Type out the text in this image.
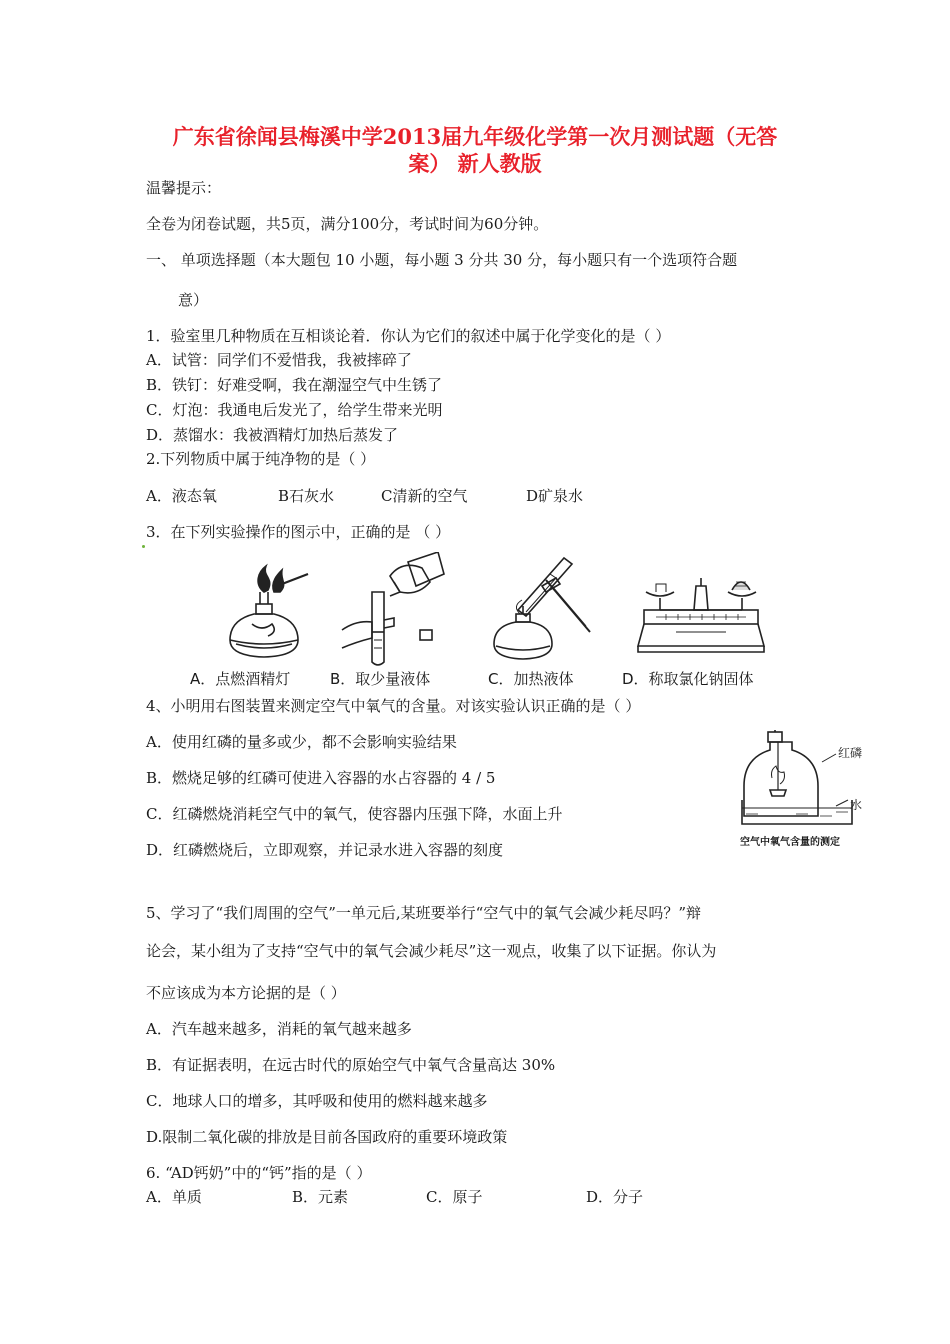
广东省徐闻县梅溪中学2013届九年级化学第一次月测试题（无答
案） 新人教版
温馨提示：
全卷为闭卷试题，共5页，满分100分，考试时间为60分钟。
一、 单项选择题（本大题包 10 小题，每小题 3 分共 30 分，每小题只有一个选项符合题
意）
1．验室里几种物质在互相谈论着．你认为它们的叙述中属于化学变化的是（ ）
A．试管：同学们不爱惜我，我被摔碎了
B．铁钉：好难受啊，我在潮湿空气中生锈了
C．灯泡：我通电后发光了，给学生带来光明
D．蒸馏水：我被酒精灯加热后蒸发了
2.下列物质中属于纯净物的是（ ）
A．液态氧	B石灰水	C清新的空气	D矿泉水
3．在下列实验操作的图示中，正确的是 （ ）
A．点燃酒精灯	B．取少量液体	C．加热液体	D．称取氯化钠固体
4、小明用右图装置来测定空气中氧气的含量。对该实验认识正确的是（ ）
A．使用红磷的量多或少，都不会影响实验结果
B．燃烧足够的红磷可使进入容器的水占容器的 4 / 5
C．红磷燃烧消耗空气中的氧气，使容器内压强下降，水面上升
D．红磷燃烧后，立即观察，并记录水进入容器的刻度
红磷
水
空气中氧气含量的测定
5、学习了“我们周围的空气”一单元后,某班要举行“空气中的氧气会减少耗尽吗？”辩
论会，某小组为了支持“空气中的氧气会减少耗尽”这一观点，收集了以下证据。你认为
不应该成为本方论据的是（ ）
A．汽车越来越多，消耗的氧气越来越多
B．有证据表明，在远古时代的原始空气中氧气含量高达 30%
C．地球人口的增多，其呼吸和使用的燃料越来越多
D.限制二氧化碳的排放是目前各国政府的重要环境政策
6. “AD钙奶”中的“钙”指的是（ ）
A．单质	B．元素	C．原子	D．分子
